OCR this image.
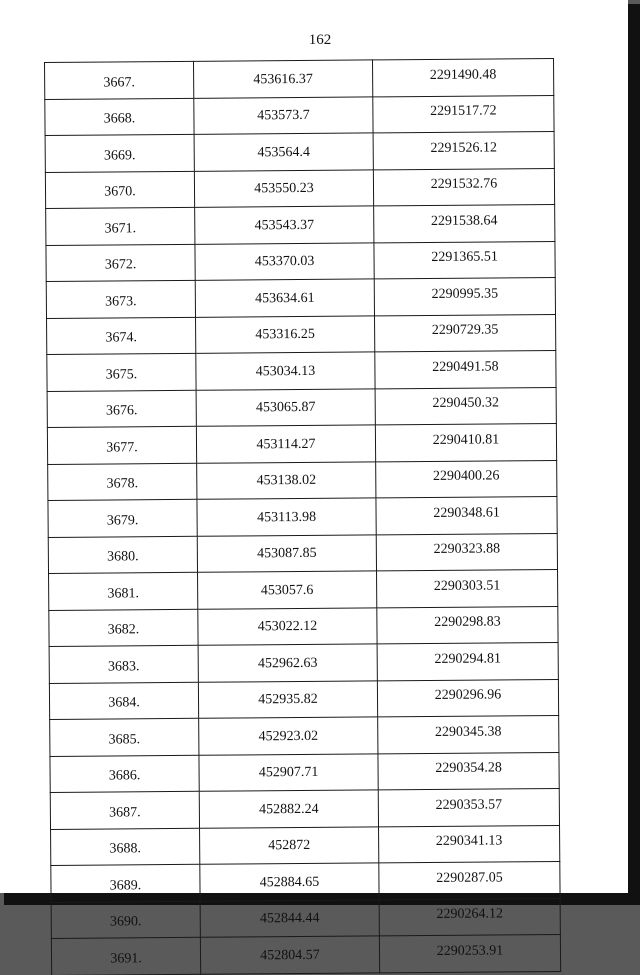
162
3667.	453616.37	2291490.48
3668.	453573.7	2291517.72
3669.	453564.4	2291526.12
3670.	453550.23	2291532.76
3671.	453543.37	2291538.64
3672.	453370.03	2291365.51
3673.	453634.61	2290995.35
3674.	453316.25	2290729.35
3675.	453034.13	2290491.58
3676.	453065.87	2290450.32
3677.	453114.27	2290410.81
3678.	453138.02	2290400.26
3679.	453113.98	2290348.61
3680.	453087.85	2290323.88
3681.	453057.6	2290303.51
3682.	453022.12	2290298.83
3683.	452962.63	2290294.81
3684.	452935.82	2290296.96
3685.	452923.02	2290345.38
3686.	452907.71	2290354.28
3687.	452882.24	2290353.57
3688.	452872	2290341.13
3689.	452884.65	2290287.05
3690.	452844.44	2290264.12
3691.	452804.57	2290253.91
